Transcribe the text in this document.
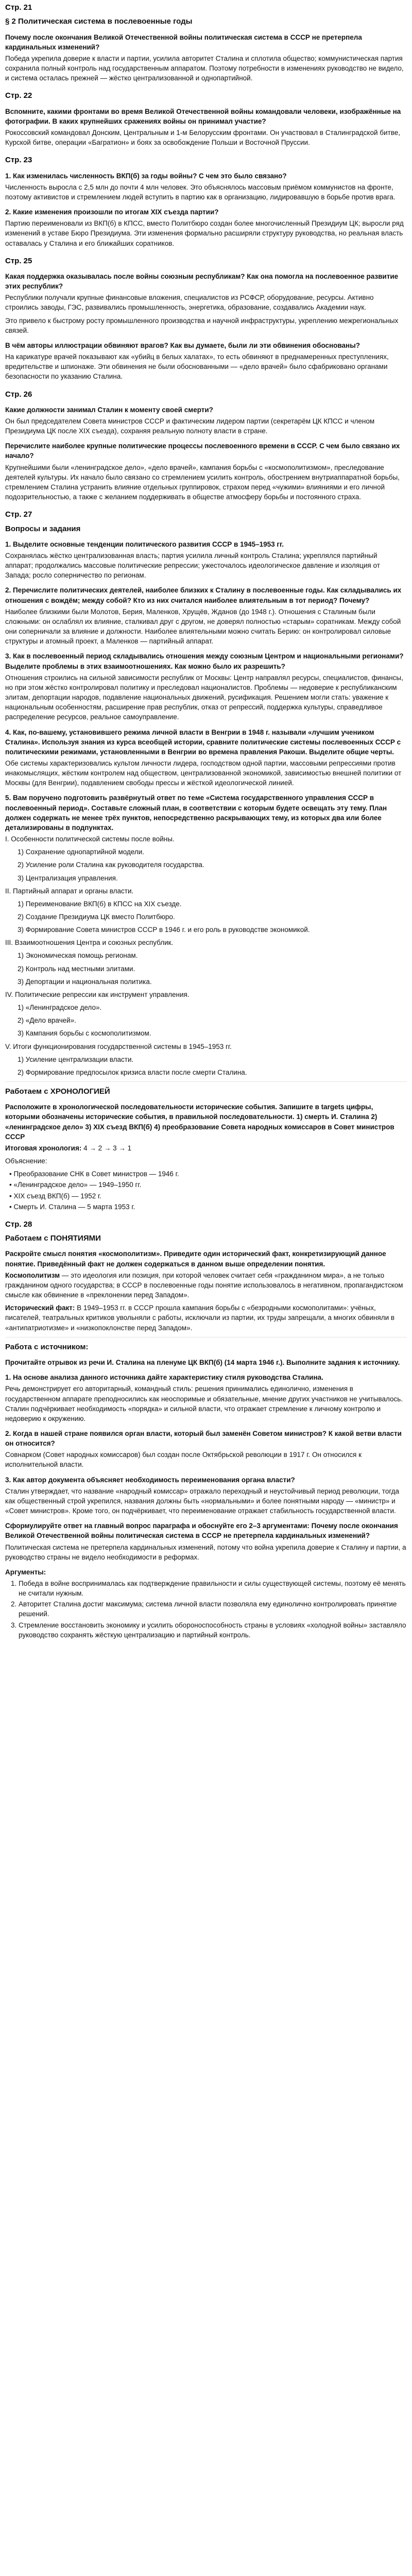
Стр. 21
§ 2 Политическая система в послевоенные годы
Почему после окончания Великой Отечественной войны политическая система в СССР не претерпела кардинальных изменений?
Победа укрепила доверие к власти и партии, усилила авторитет Сталина и сплотила общество; коммунистическая партия сохранила полный контроль над государственным аппаратом. Поэтому потребности в изменениях руководство не видело, и система осталась прежней — жёстко централизованной и однопартийной.
Стр. 22
Вспомните, какими фронтами во время Великой Отечественной войны командовали человеки, изображённые на фотографии. В каких крупнейших сражениях войны он принимал участие?
Рокоссовский командовал Донским, Центральным и 1-м Белорусским фронтами. Он участвовал в Сталинградской битве, Курской битве, операции «Багратион» и боях за освобождение Польши и Восточной Пруссии.
Стр. 23
1. Как изменилась численность ВКП(б) за годы войны? С чем это было связано?
Численность выросла с 2,5 млн до почти 4 млн человек. Это объяснялось массовым приёмом коммунистов на фронте, поэтому активистов и стремлением людей вступить в партию как в организацию, лидировавшую в борьбе против врага.
2. Какие изменения произошли по итогам XIX съезда партии?
Партию переименовали из ВКП(б) в КПСС, вместо Политбюро создан более многочисленный Президиум ЦК; выросли ряд изменений в уставе Бюро Президиума. Эти изменения формально расширяли структуру руководства, но реальная власть оставалась у Сталина и его ближайших соратников.
Стр. 25
Какая поддержка оказывалась после войны союзным республикам? Как она помогла на послевоенное развитие этих республик?
Республики получали крупные финансовые вложения, специалистов из РСФСР, оборудование, ресурсы. Активно строились заводы, ГЭС, развивались промышленность, энергетика, образование, создавались Академии наук.
Это привело к быстрому росту промышленного производства и научной инфраструктуры, укреплению межрегиональных связей.
В чём авторы иллюстрации обвиняют врагов? Как вы думаете, были ли эти обвинения обоснованы?
На карикатуре врачей показывают как «убийц в белых халатах», то есть обвиняют в преднамеренных преступлениях, вредительстве и шпионаже. Эти обвинения не были обоснованными — «дело врачей» было сфабриковано органами безопасности по указанию Сталина.
Стр. 26
Какие должности занимал Сталин к моменту своей смерти?
Он был председателем Совета министров СССР и фактическим лидером партии (секретарём ЦК КПСС и членом Президиума ЦК после XIX съезда), сохраняя реальную полноту власти в стране.
Перечислите наиболее крупные политические процессы послевоенного времени в СССР. С чем было связано их начало?
Крупнейшими были «ленинградское дело», «дело врачей», кампания борьбы с «космополитизмом», преследование деятелей культуры. Их начало было связано со стремлением усилить контроль, обострением внутриаппаратной борьбы, стремлением Сталина устранить влияние отдельных группировок, страхом перед «чужими» влияниями и его личной подозрительностью, а также с желанием поддерживать в обществе атмосферу борьбы и постоянного страха.
Стр. 27
Вопросы и задания
1. Выделите основные тенденции политического развития СССР в 1945–1953 гг.
Сохранялась жёстко централизованная власть; партия усилила личный контроль Сталина; укреплялся партийный аппарат; продолжались массовые политические репрессии; ужесточалось идеологическое давление и изоляция от Запада; росло соперничество по регионам.
2. Перечислите политических деятелей, наиболее близких к Сталину в послевоенные годы. Как складывались их отношения с вождём; между собой? Кто из них считался наиболее влиятельным в тот период? Почему?
Наиболее близкими были Молотов, Берия, Маленков, Хрущёв, Жданов (до 1948 г.). Отношения с Сталиным были сложными: он ослаблял их влияние, сталкивал друг с другом, не доверял полностью «старым» соратникам. Между собой они соперничали за влияние и должности. Наиболее влиятельными можно считать Берию: он контролировал силовые структуры и атомный проект, а Маленков — партийный аппарат.
3. Как в послевоенный период складывались отношения между союзным Центром и национальными регионами? Выделите проблемы в этих взаимоотношениях. Как можно было их разрешить?
Отношения строились на сильной зависимости республик от Москвы: Центр направлял ресурсы, специалистов, финансы, но при этом жёстко контролировал политику и преследовал националистов. Проблемы — недоверие к республиканским элитам, депортации народов, подавление национальных движений, русификация. Решением могли стать: уважение к национальным особенностям, расширение прав республик, отказ от репрессий, поддержка культуры, справедливое распределение ресурсов, реальное самоуправление.
4. Как, по-вашему, установившего режима личной власти в Венгрии в 1948 г. называли «лучшим учеником Сталина». Используя знания из курса всеобщей истории, сравните политические системы послевоенных СССР с политическими режимами, установленными в Венгрии во времена правления Ракоши. Выделите общие черты.
Обе системы характеризовались культом личности лидера, господством одной партии, массовыми репрессиями против инакомыслящих, жёстким контролем над обществом, централизованной экономикой, зависимостью внешней политики от Москвы (для Венгрии), подавлением свободы прессы и жёсткой идеологической линией.
5. Вам поручено подготовить развёрнутый ответ по теме «Система государственного управления СССР в послевоенный период». Составьте сложный план, в соответствии с которым будете освещать эту тему. План должен содержать не менее трёх пунктов, непосредственно раскрывающих тему, из которых два или более детализированы в подпунктах.
I. Особенности политической системы после войны.
1) Сохранение однопартийной модели.
2) Усиление роли Сталина как руководителя государства.
3) Централизация управления.
II. Партийный аппарат и органы власти.
1) Переименование ВКП(б) в КПСС на XIX съезде.
2) Создание Президиума ЦК вместо Политбюро.
3) Формирование Совета министров СССР в 1946 г. и его роль в руководстве экономикой.
III. Взаимоотношения Центра и союзных республик.
1) Экономическая помощь регионам.
2) Контроль над местными элитами.
3) Депортации и национальная политика.
IV. Политические репрессии как инструмент управления.
1) «Ленинградское дело».
2) «Дело врачей».
3) Кампания борьбы с космополитизмом.
V. Итоги функционирования государственной системы в 1945–1953 гг.
1) Усиление централизации власти.
2) Формирование предпосылок кризиса власти после смерти Сталина.
Работаем с ХРОНОЛОГИЕЙ
Расположите в хронологической последовательности исторические события. Запишите в targets цифры, которыми обозначены исторические события, в правильной последовательности. 1) смерть И. Сталина 2) «ленинградское дело» 3) XIX съезд ВКП(б) 4) преобразование Совета народных комиссаров в Совет министров СССР
Итоговая хронология: 4 → 2 → 3 → 1
Объяснение:
• Преобразование СНК в Совет министров — 1946 г.
• «Ленинградское дело» — 1949–1950 гг.
• XIX съезд ВКП(б) — 1952 г.
• Смерть И. Сталина — 5 марта 1953 г.
Стр. 28
Работаем с ПОНЯТИЯМИ
Раскройте смысл понятия «космополитизм». Приведите один исторический факт, конкретизирующий данное понятие. Приведённый факт не должен содержаться в данном выше определении понятия.
Космополитизм — это идеология или позиция, при которой человек считает себя «гражданином мира», а не только гражданином одного государства; в СССР в послевоенные годы понятие использовалось в негативном, пропагандистском смысле как обвинение в «преклонении перед Западом».
Исторический факт: В 1949–1953 гг. в СССР прошла кампания борьбы с «безродными космополитами»: учёных, писателей, театральных критиков увольняли с работы, исключали из партии, их труды запрещали, а многих обвиняли в «антипатриотизме» и «низкопоклонстве перед Западом».
Работа с источником:
Прочитайте отрывок из речи И. Сталина на пленуме ЦК ВКП(б) (14 марта 1946 г.). Выполните задания к источнику.
1. На основе анализа данного источника дайте характеристику стиля руководства Сталина.
Речь демонстрирует его авторитарный, командный стиль: решения принимались единолично, изменения в государственном аппарате преподносились как неоспоримые и обязательные, мнение других участников не учитывалось. Сталин подчёркивает необходимость «порядка» и сильной власти, что отражает стремление к личному контролю и недоверию к окружению.
2. Когда в нашей стране появился орган власти, который был заменён Советом министров? К какой ветви власти он относится?
Совнарком (Совет народных комиссаров) был создан после Октябрьской революции в 1917 г. Он относился к исполнительной власти.
3. Как автор документа объясняет необходимость переименования органа власти?
Сталин утверждает, что название «народный комиссар» отражало переходный и неустойчивый период революции, тогда как общественный строй укрепился, названия должны быть «нормальными» и более понятными народу — «министр» и «Совет министров». Кроме того, он подчёркивает, что переименование отражает стабильность государственной власти.
Сформулируйте ответ на главный вопрос параграфа и обоснуйте его 2–3 аргументами: Почему после окончания Великой Отечественной войны политическая система в СССР не претерпела кардинальных изменений?
Политическая система не претерпела кардинальных изменений, потому что война укрепила доверие к Сталину и партии, а руководство страны не видело необходимости в реформах.
Аргументы:
1. Победа в войне воспринималась как подтверждение правильности и силы существующей системы, поэтому её менять не считали нужным.
2. Авторитет Сталина достиг максимума; система личной власти позволяла ему единолично контролировать принятие решений.
3. Стремление восстановить экономику и усилить обороноспособность страны в условиях «холодной войны» заставляло руководство сохранять жёсткую централизацию и партийный контроль.
